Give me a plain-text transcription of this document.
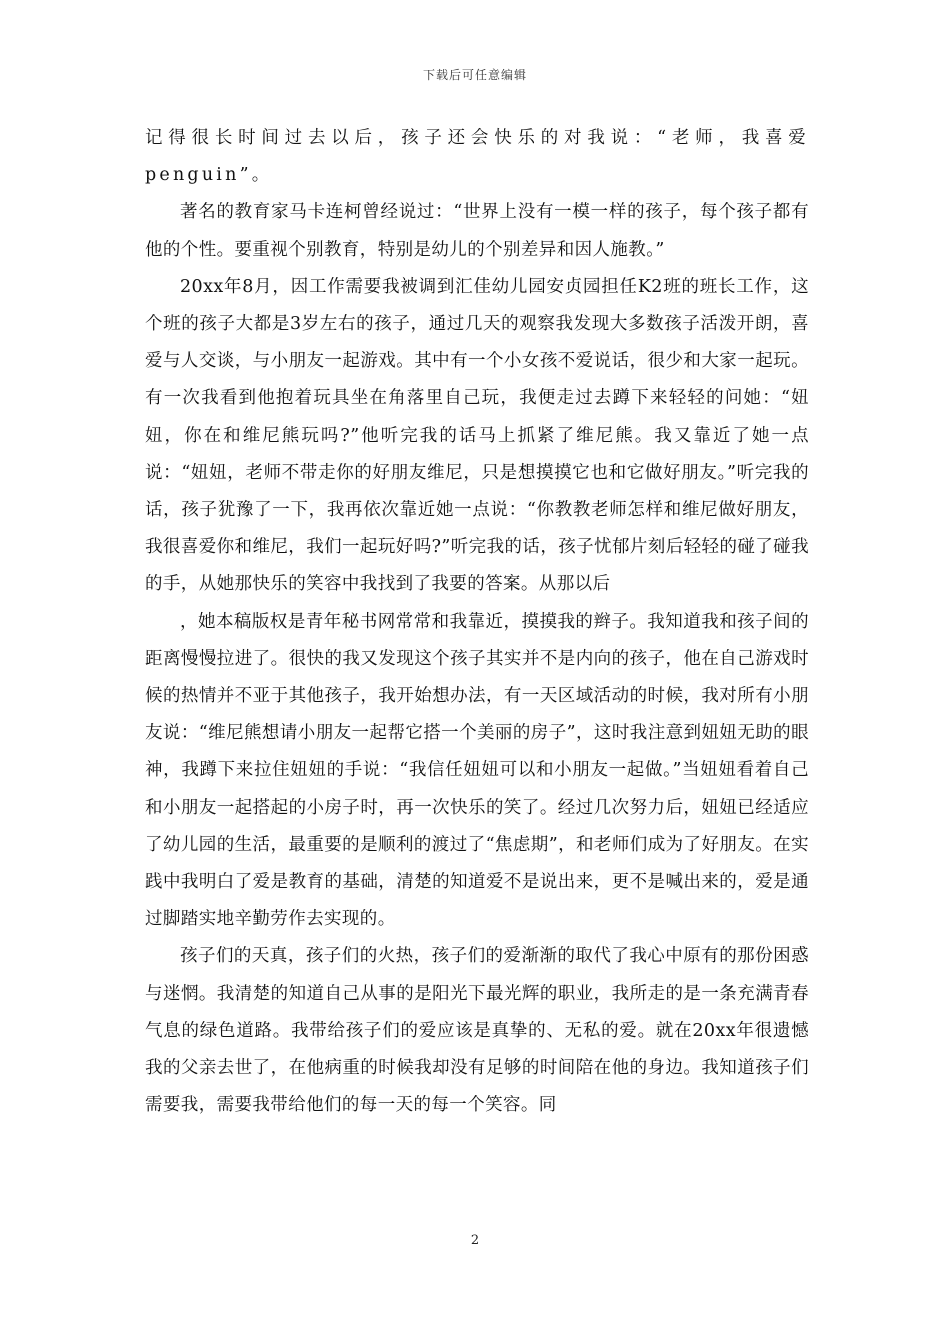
下载后可任意编辑

记得很长时间过去以后，孩子还会快乐的对我说：“老师，我喜爱penguin”。

著名的教育家马卡连柯曾经说过：“世界上没有一模一样的孩子，每个孩子都有他的个性。要重视个别教育，特别是幼儿的个别差异和因人施教。”

20xx年8月，因工作需要我被调到汇佳幼儿园安贞园担任K2班的班长工作，这个班的孩子大都是3岁左右的孩子，通过几天的观察我发现大多数孩子活泼开朗，喜爱与人交谈，与小朋友一起游戏。其中有一个小女孩不爱说话，很少和大家一起玩。有一次我看到他抱着玩具坐在角落里自己玩，我便走过去蹲下来轻轻的问她：“妞妞，你在和维尼熊玩吗?”他听完我的话马上抓紧了维尼熊。我又靠近了她一点说：“妞妞，老师不带走你的好朋友维尼，只是想摸摸它也和它做好朋友。”听完我的话，孩子犹豫了一下，我再依次靠近她一点说：“你教教老师怎样和维尼做好朋友，我很喜爱你和维尼，我们一起玩好吗?”听完我的话，孩子忧郁片刻后轻轻的碰了碰我的手，从她那快乐的笑容中我找到了我要的答案。从那以后

，她本稿版权是青年秘书网常常和我靠近，摸摸我的辫子。我知道我和孩子间的距离慢慢拉进了。很快的我又发现这个孩子其实并不是内向的孩子，他在自己游戏时候的热情并不亚于其他孩子，我开始想办法，有一天区域活动的时候，我对所有小朋友说：“维尼熊想请小朋友一起帮它搭一个美丽的房子”，这时我注意到妞妞无助的眼神，我蹲下来拉住妞妞的手说：“我信任妞妞可以和小朋友一起做。”当妞妞看着自己和小朋友一起搭起的小房子时，再一次快乐的笑了。经过几次努力后，妞妞已经适应了幼儿园的生活，最重要的是顺利的渡过了“焦虑期”，和老师们成为了好朋友。在实践中我明白了爱是教育的基础，清楚的知道爱不是说出来，更不是喊出来的，爱是通过脚踏实地辛勤劳作去实现的。

孩子们的天真，孩子们的火热，孩子们的爱渐渐的取代了我心中原有的那份困惑与迷惘。我清楚的知道自己从事的是阳光下最光辉的职业，我所走的是一条充满青春气息的绿色道路。我带给孩子们的爱应该是真挚的、无私的爱。就在20xx年很遗憾我的父亲去世了，在他病重的时候我却没有足够的时间陪在他的身边。我知道孩子们需要我，需要我带给他们的每一天的每一个笑容。同

2
